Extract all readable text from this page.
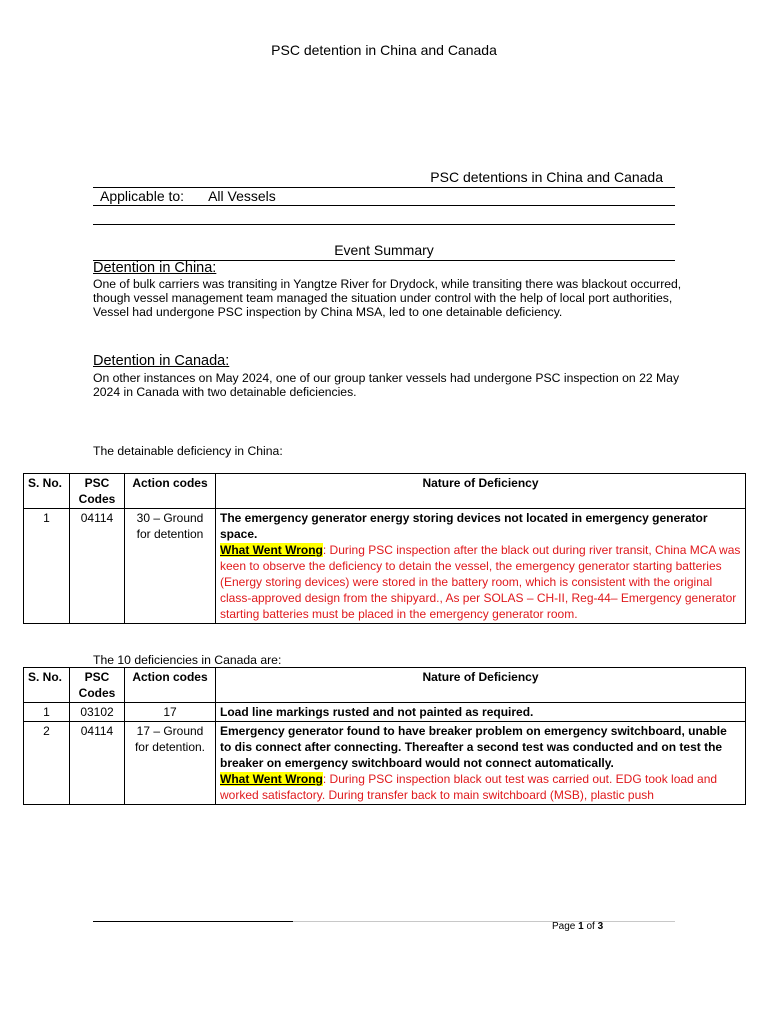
PSC detention in China and Canada
PSC detentions in China and Canada
Applicable to: All Vessels
Event Summary
Detention in China:
One of bulk carriers was transiting in Yangtze River for Drydock, while transiting there was blackout occurred, though vessel management team managed the situation under control with the help of local port authorities, Vessel had undergone PSC inspection by China MSA, led to one detainable deficiency.
Detention in Canada:
On other instances on May 2024, one of our group tanker vessels had undergone PSC inspection on 22 May 2024 in Canada with two detainable deficiencies.
The detainable deficiency in China:
S. No.	PSC Codes	Action codes	Nature of Deficiency
1	04114	30 – Ground for detention	The emergency generator energy storing devices not located in emergency generator space.
What Went Wrong: During PSC inspection after the black out during river transit, China MCA was keen to observe the deficiency to detain the vessel, the emergency generator starting batteries (Energy storing devices) were stored in the battery room, which is consistent with the original class-approved design from the shipyard., As per SOLAS – CH-II, Reg-44– Emergency generator starting batteries must be placed in the emergency generator room.
The 10 deficiencies in Canada are:
S. No.	PSC Codes	Action codes	Nature of Deficiency
1	03102	17	Load line markings rusted and not painted as required.
2	04114	17 – Ground for detention.	Emergency generator found to have breaker problem on emergency switchboard, unable to dis connect after connecting. Thereafter a second test was conducted and on test the breaker on emergency switchboard would not connect automatically.
What Went Wrong: During PSC inspection black out test was carried out. EDG took load and worked satisfactory. During transfer back to main switchboard (MSB), plastic push
Page 1 of 3
